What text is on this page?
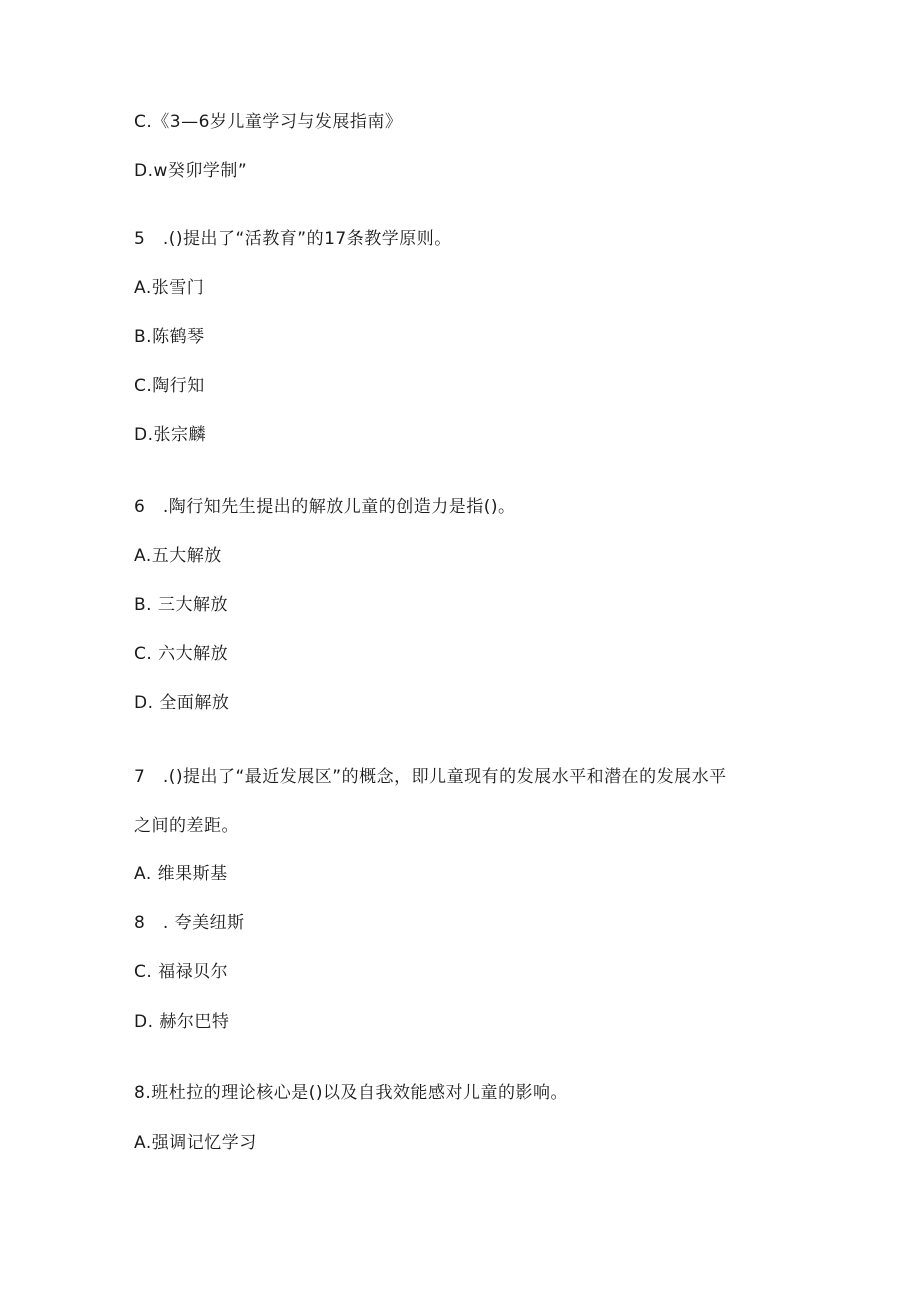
C.《3—6岁儿童学习与发展指南》
D.w癸卯学制”
5 .()提出了“活教育”的17条教学原则。
A.张雪门
B.陈鹤琴
C.陶行知
D.张宗麟
6 .陶行知先生提出的解放儿童的创造力是指()。
A.五大解放
B. 三大解放
C. 六大解放
D. 全面解放
7 .()提出了“最近发展区”的概念，即儿童现有的发展水平和潜在的发展水平
之间的差距。
A. 维果斯基
8 . 夸美纽斯
C. 福禄贝尔
D. 赫尔巴特
8.班杜拉的理论核心是()以及自我效能感对儿童的影响。
A.强调记忆学习
